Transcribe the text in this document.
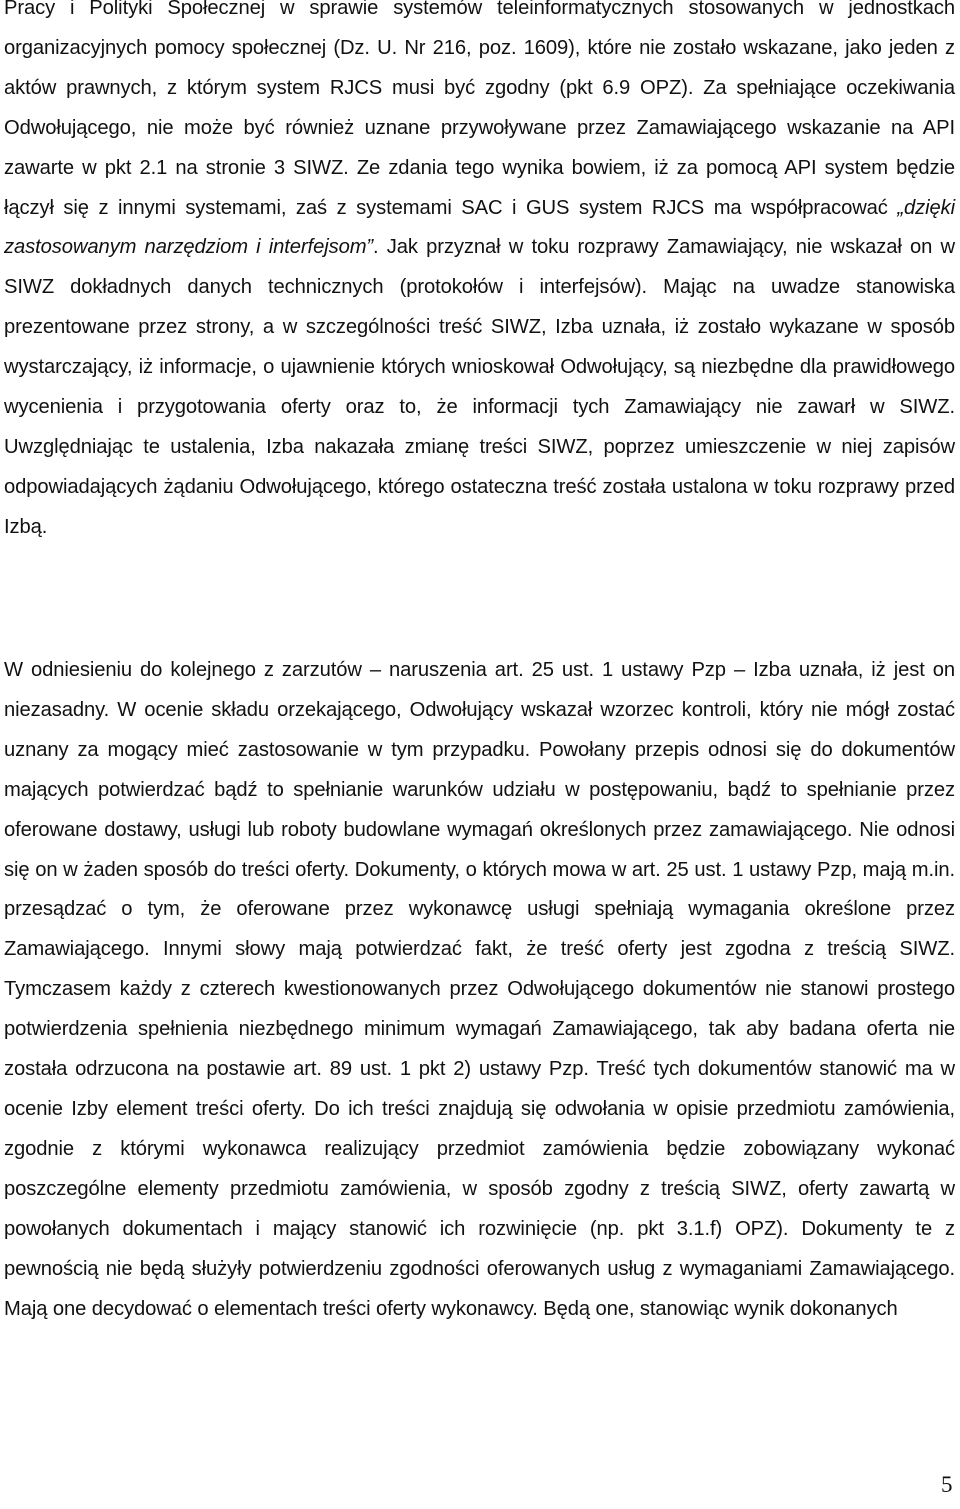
Pracy i Polityki Społecznej w sprawie systemów teleinformatycznych stosowanych w jednostkach organizacyjnych pomocy społecznej (Dz. U. Nr 216, poz. 1609), które nie zostało wskazane, jako jeden z aktów prawnych, z którym system RJCS musi być zgodny (pkt 6.9 OPZ). Za spełniające oczekiwania Odwołującego, nie może być również uznane przywoływane przez Zamawiającego wskazanie na API zawarte w pkt 2.1 na stronie 3 SIWZ. Ze zdania tego wynika bowiem, iż za pomocą API system będzie łączył się z innymi systemami, zaś z systemami SAC i GUS system RJCS ma współpracować „dzięki zastosowanym narzędziom i interfejsom”. Jak przyznał w toku rozprawy Zamawiający, nie wskazał on w SIWZ dokładnych danych technicznych (protokołów i interfejsów). Mając na uwadze stanowiska prezentowane przez strony, a w szczególności treść SIWZ, Izba uznała, iż zostało wykazane w sposób wystarczający, iż informacje, o ujawnienie których wnioskował Odwołujący, są niezbędne dla prawidłowego wycenienia i przygotowania oferty oraz to, że informacji tych Zamawiający nie zawarł w SIWZ. Uwzględniając te ustalenia, Izba nakazała zmianę treści SIWZ, poprzez umieszczenie w niej zapisów odpowiadających żądaniu Odwołującego, którego ostateczna treść została ustalona w toku rozprawy przed Izbą.

W odniesieniu do kolejnego z zarzutów – naruszenia art. 25 ust. 1 ustawy Pzp – Izba uznała, iż jest on niezasadny. W ocenie składu orzekającego, Odwołujący wskazał wzorzec kontroli, który nie mógł zostać uznany za mogący mieć zastosowanie w tym przypadku. Powołany przepis odnosi się do dokumentów mających potwierdzać bądź to spełnianie warunków udziału w postępowaniu, bądź to spełnianie przez oferowane dostawy, usługi lub roboty budowlane wymagań określonych przez zamawiającego. Nie odnosi się on w żaden sposób do treści oferty. Dokumenty, o których mowa w art. 25 ust. 1 ustawy Pzp, mają m.in. przesądzać o tym, że oferowane przez wykonawcę usługi spełniają wymagania określone przez Zamawiającego. Innymi słowy mają potwierdzać fakt, że treść oferty jest zgodna z treścią SIWZ. Tymczasem każdy z czterech kwestionowanych przez Odwołującego dokumentów nie stanowi prostego potwierdzenia spełnienia niezbędnego minimum wymagań Zamawiającego, tak aby badana oferta nie została odrzucona na postawie art. 89 ust. 1 pkt 2) ustawy Pzp. Treść tych dokumentów stanowić ma w ocenie Izby element treści oferty. Do ich treści znajdują się odwołania w opisie przedmiotu zamówienia, zgodnie z którymi wykonawca realizujący przedmiot zamówienia będzie zobowiązany wykonać poszczególne elementy przedmiotu zamówienia, w sposób zgodny z treścią SIWZ, oferty zawartą w powołanych dokumentach i mający stanowić ich rozwinięcie (np. pkt 3.1.f) OPZ). Dokumenty te z pewnością nie będą służyły potwierdzeniu zgodności oferowanych usług z wymaganiami Zamawiającego. Mają one decydować o elementach treści oferty wykonawcy. Będą one, stanowiąc wynik dokonanych

5
